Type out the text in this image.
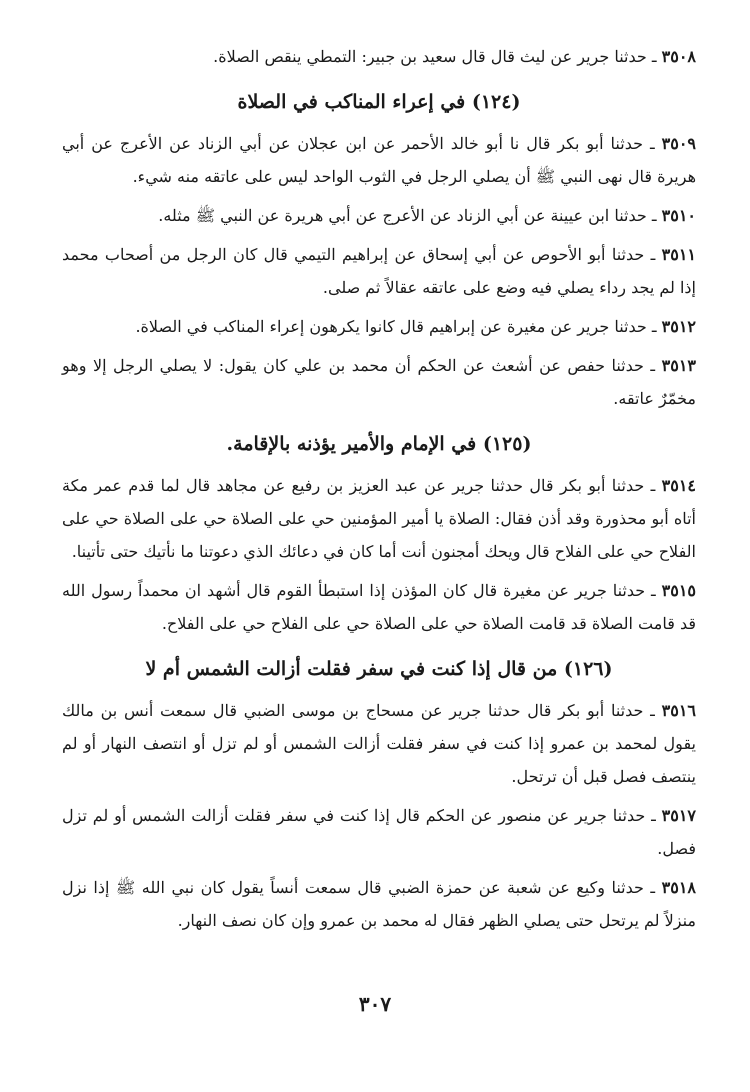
٣٥٠٨ ـ حدثنا جرير عن ليث قال قال سعيد بن جبير: التمطي ينقص الصلاة.

(١٢٤) في إعراء المناكب في الصلاة

٣٥٠٩ ـ حدثنا أبو بكر قال نا أبو خالد الأحمر عن ابن عجلان عن أبي الزناد عن الأعرج عن أبي هريرة قال نهى النبي ﷺ أن يصلي الرجل في الثوب الواحد ليس على عاتقه منه شيء.

٣٥١٠ ـ حدثنا ابن عيينة عن أبي الزناد عن الأعرج عن أبي هريرة عن النبي ﷺ مثله.

٣٥١١ ـ حدثنا أبو الأحوص عن أبي إسحاق عن إبراهيم التيمي قال كان الرجل من أصحاب محمد إذا لم يجد رداء يصلي فيه وضع على عاتقه عقالاً ثم صلى.

٣٥١٢ ـ حدثنا جرير عن مغيرة عن إبراهيم قال كانوا يكرهون إعراء المناكب في الصلاة.

٣٥١٣ ـ حدثنا حفص عن أشعث عن الحكم أن محمد بن علي كان يقول: لا يصلي الرجل إلا وهو مخمّرٌ عاتقه.

(١٢٥) في الإمام والأمير يؤذنه بالإقامة.

٣٥١٤ ـ حدثنا أبو بكر قال حدثنا جرير عن عبد العزيز بن رفيع عن مجاهد قال لما قدم عمر مكة أتاه أبو محذورة وقد أذن فقال: الصلاة يا أمير المؤمنين حي على الصلاة حي على الصلاة حي على الفلاح حي على الفلاح قال ويحك أمجنون أنت أما كان في دعائك الذي دعوتنا ما نأتيك حتى تأتينا.

٣٥١٥ ـ حدثنا جرير عن مغيرة قال كان المؤذن إذا استبطأ القوم قال أشهد ان محمداً رسول الله قد قامت الصلاة قد قامت الصلاة حي على الصلاة حي على الفلاح حي على الفلاح.

(١٢٦) من قال إذا كنت في سفر فقلت أزالت الشمس أم لا

٣٥١٦ ـ حدثنا أبو بكر قال حدثنا جرير عن مسحاج بن موسى الضبي قال سمعت أنس بن مالك يقول لمحمد بن عمرو إذا كنت في سفر فقلت أزالت الشمس أو لم تزل أو انتصف النهار أو لم ينتصف فصل قبل أن ترتحل.

٣٥١٧ ـ حدثنا جرير عن منصور عن الحكم قال إذا كنت في سفر فقلت أزالت الشمس أو لم تزل فصل.

٣٥١٨ ـ حدثنا وكيع عن شعبة عن حمزة الضبي قال سمعت أنساً يقول كان نبي الله ﷺ إذا نزل منزلاً لم يرتحل حتى يصلي الظهر فقال له محمد بن عمرو وإن كان نصف النهار.

٣٠٧
